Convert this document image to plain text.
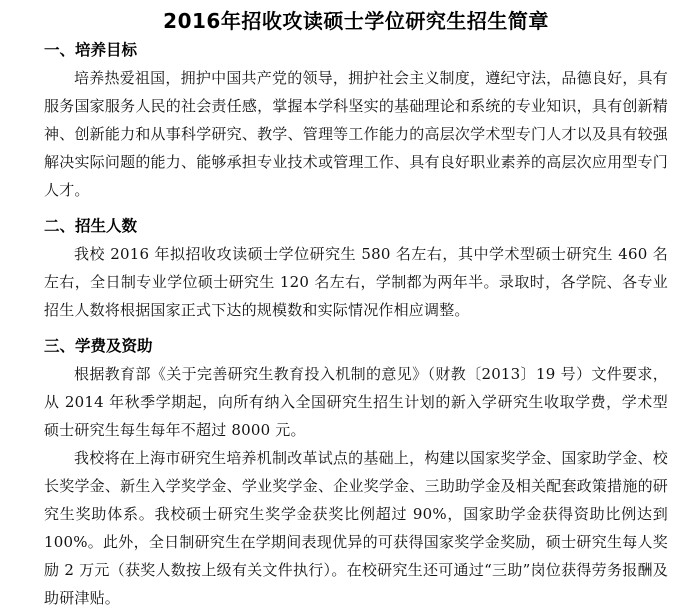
2016年招收攻读硕士学位研究生招生简章
一、培养目标

培养热爱祖国，拥护中国共产党的领导，拥护社会主义制度，遵纪守法，品德良好，具有服务国家服务人民的社会责任感，掌握本学科坚实的基础理论和系统的专业知识，具有创新精神、创新能力和从事科学研究、教学、管理等工作能力的高层次学术型专门人才以及具有较强解决实际问题的能力、能够承担专业技术或管理工作、具有良好职业素养的高层次应用型专门人才。

二、招生人数

我校 2016 年拟招收攻读硕士学位研究生 580 名左右，其中学术型硕士研究生 460 名左右，全日制专业学位硕士研究生 120 名左右，学制都为两年半。录取时，各学院、各专业招生人数将根据国家正式下达的规模数和实际情况作相应调整。

三、学费及资助

根据教育部《关于完善研究生教育投入机制的意见》（财教〔2013〕19 号）文件要求，从 2014 年秋季学期起，向所有纳入全国研究生招生计划的新入学研究生收取学费，学术型硕士研究生每生每年不超过 8000 元。

我校将在上海市研究生培养机制改革试点的基础上，构建以国家奖学金、国家助学金、校长奖学金、新生入学奖学金、学业奖学金、企业奖学金、三助助学金及相关配套政策措施的研究生奖助体系。我校硕士研究生奖学金获奖比例超过 90%，国家助学金获得资助比例达到 100%。此外，全日制研究生在学期间表现优异的可获得国家奖学金奖励，硕士研究生每人奖励 2 万元（获奖人数按上级有关文件执行）。在校研究生还可通过“三助”岗位获得劳务报酬及助研津贴。
